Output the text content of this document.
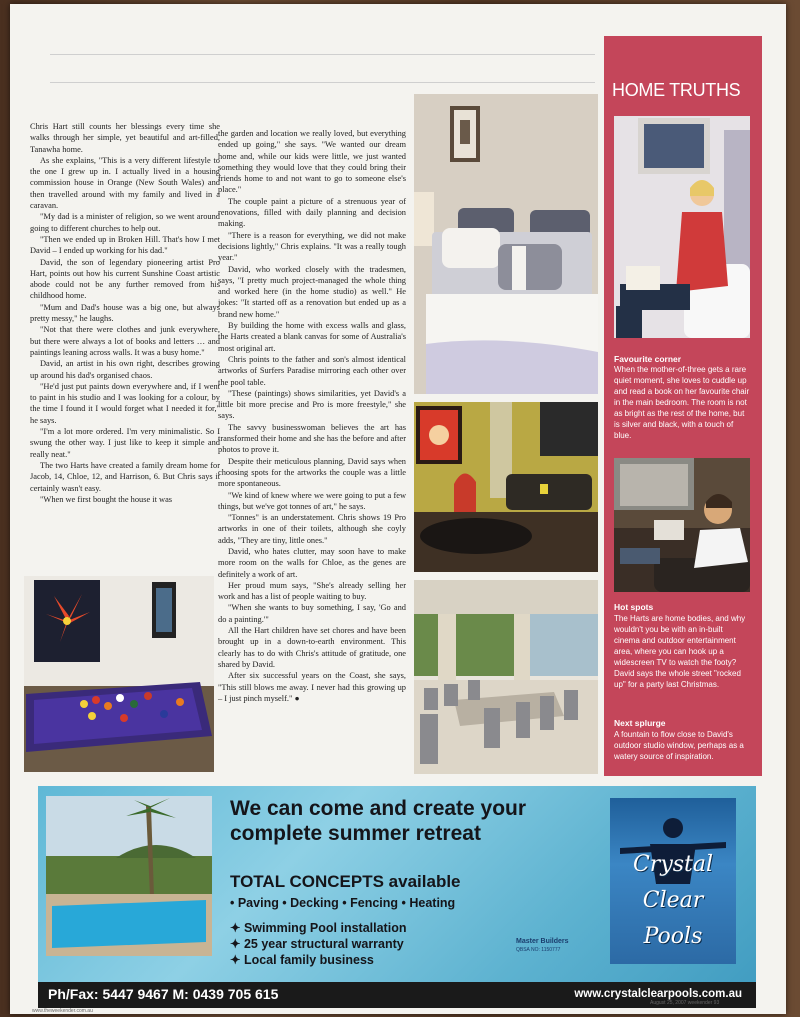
Chris Hart still counts her blessings every time she walks through her simple, yet beautiful and art-filled, Tanawha home.

As she explains, "This is a very different lifestyle to the one I grew up in. I actually lived in a housing commission house in Orange (New South Wales) and then travelled around with my family and lived in a caravan.

"My dad is a minister of religion, so we went around going to different churches to help out.

"Then we ended up in Broken Hill. That's how I met David – I ended up working for his dad."

David, the son of legendary pioneering artist Pro Hart, points out how his current Sunshine Coast artistic abode could not be any further removed from his childhood home.

"Mum and Dad's house was a big one, but always pretty messy," he laughs.

"Not that there were clothes and junk everywhere, but there were always a lot of books and letters … and paintings leaning across walls. It was a busy home."

David, an artist in his own right, describes growing up around his dad's organised chaos.

"He'd just put paints down everywhere and, if I went to paint in his studio and I was looking for a colour, by the time I found it I would forget what I needed it for," he says.

"I'm a lot more ordered. I'm very minimalistic. So I swung the other way. I just like to keep it simple and really neat."

The two Harts have created a family dream home for Jacob, 14, Chloe, 12, and Harrison, 6. But Chris says it certainly wasn't easy.

"When we first bought the house it was

the garden and location we really loved, but everything ended up going," she says. "We wanted our dream home and, while our kids were little, we just wanted something they would love that they could bring their friends home to and not want to go to someone else's place."

The couple paint a picture of a strenuous year of renovations, filled with daily planning and decision making.

"There is a reason for everything, we did not make decisions lightly," Chris explains. "It was a really tough year."

David, who worked closely with the tradesmen, says, "I pretty much project-managed the whole thing and worked here (in the home studio) as well." He jokes: "It started off as a renovation but ended up as a brand new home."

By building the home with excess walls and glass, the Harts created a blank canvas for some of Australia's most original art.

Chris points to the father and son's almost identical artworks of Surfers Paradise mirroring each other over the pool table.

"These (paintings) shows similarities, yet David's a little bit more precise and Pro is more freestyle," she says.

The savvy businesswoman believes the art has transformed their home and she has the before and after photos to prove it.

Despite their meticulous planning, David says when choosing spots for the artworks the couple was a little more spontaneous.

"We kind of knew where we were going to put a few things, but we've got tonnes of art," he says.

"Tonnes" is an understatement. Chris shows 19 Pro artworks in one of their toilets, although she coyly adds, "They are tiny, little ones."

David, who hates clutter, may soon have to make more room on the walls for Chloe, as the genes are definitely a work of art.

Her proud mum says, "She's already selling her work and has a list of people waiting to buy.

"When she wants to buy something, I say, 'Go and do a painting.'"

All the Hart children have set chores and have been brought up in a down-to-earth environment. This clearly has to do with Chris's attitude of gratitude, one shared by David.

After six successful years on the Coast, she says, "This still blows me away. I never had this growing up – I just pinch myself." ●

HOME TRUTHS
Favourite corner
When the mother-of-three gets a rare quiet moment, she loves to cuddle up and read a book on her favourite chair in the main bedroom. The room is not as bright as the rest of the home, but is silver and black, with a touch of blue.
Hot spots
The Harts are home bodies, and why wouldn't you be with an in-built cinema and outdoor entertainment area, where you can hook up a widescreen TV to watch the footy? David says the whole street "rocked up" for a party last Christmas.
Next splurge
A fountain to flow close to David's outdoor studio window, perhaps as a watery source of inspiration.
We can come and create your complete summer retreat
TOTAL CONCEPTS available
• Paving • Decking • Fencing • Heating
✦ Swimming Pool installation
✦ 25 year structural warranty
✦ Local family business
Master Builders
QBSA NO: 1150777
Crystal
Clear
Pools
Ph/Fax: 5447 9467 M: 0439 705 615	www.crystalclearpools.com.au
www.theweekender.com.au
August 25, 2007 weekender 93
